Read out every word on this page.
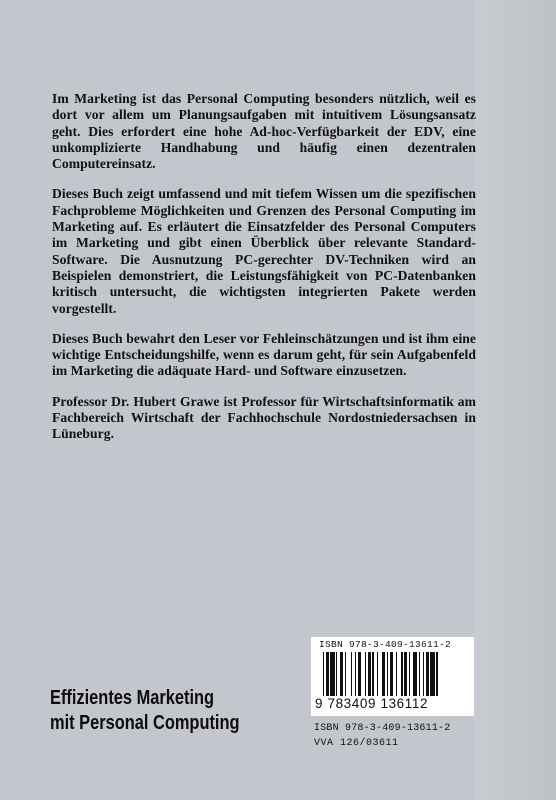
Im Marketing ist das Personal Computing besonders nützlich, weil es dort vor allem um Planungsaufgaben mit intuitivem Lösungsansatz geht. Dies erfordert eine hohe Ad-hoc-Verfügbarkeit der EDV, eine unkomplizierte Handhabung und häufig einen dezentralen Computereinsatz.

Dieses Buch zeigt umfassend und mit tiefem Wissen um die spezifischen Fachprobleme Möglichkeiten und Grenzen des Personal Computing im Marketing auf. Es erläutert die Einsatzfelder des Personal Computers im Marketing und gibt einen Überblick über relevante Standard-Software. Die Ausnutzung PC-gerechter DV-Techniken wird an Beispielen demonstriert, die Leistungsfähigkeit von PC-Datenbanken kritisch untersucht, die wichtigsten integrierten Pakete werden vorgestellt.

Dieses Buch bewahrt den Leser vor Fehleinschätzungen und ist ihm eine wichtige Entscheidungshilfe, wenn es darum geht, für sein Aufgabenfeld im Marketing die adäquate Hard- und Software einzusetzen.

Professor Dr. Hubert Grawe ist Professor für Wirtschaftsinformatik am Fachbereich Wirtschaft der Fachhochschule Nordostniedersachsen in Lüneburg.

Effizientes Marketing
mit Personal Computing
ISBN 978-3-409-13611-2
9 783409 136112
ISBN 978-3-409-13611-2
VVA 126/03611
